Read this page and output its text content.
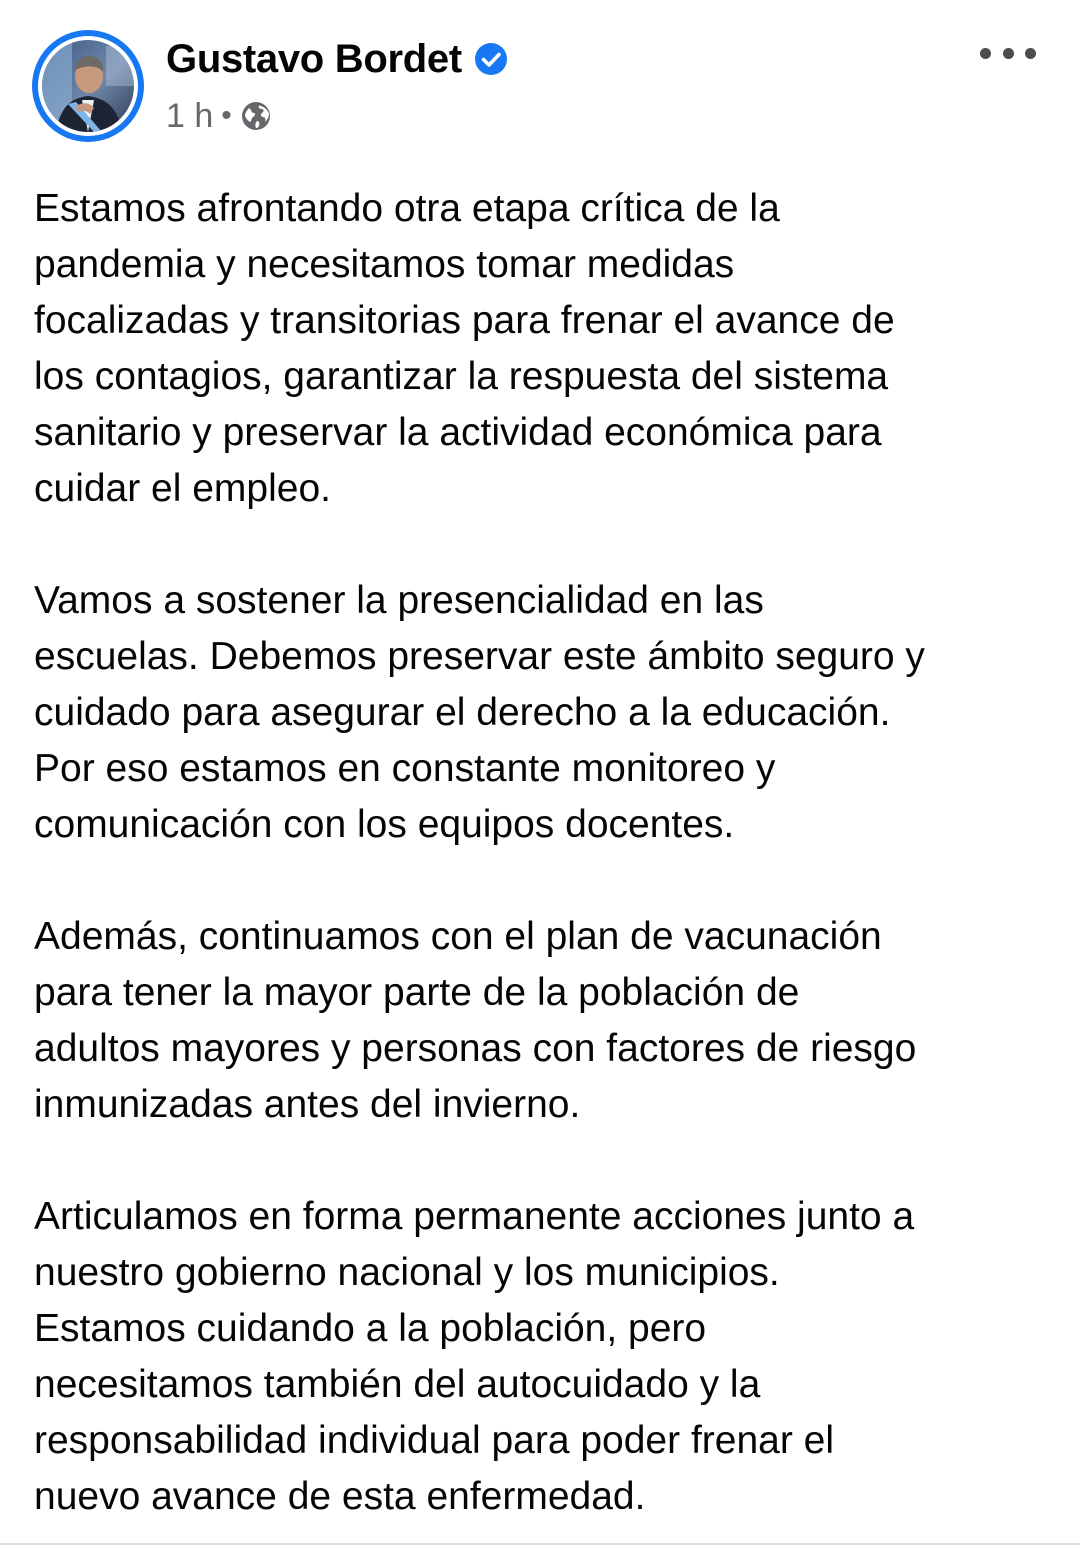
Gustavo Bordet
1 h •
Estamos afrontando otra etapa crítica de la
pandemia y necesitamos tomar medidas
focalizadas y transitorias para frenar el avance de
los contagios, garantizar la respuesta del sistema
sanitario y preservar la actividad económica para
cuidar el empleo.
Vamos a sostener la presencialidad en las
escuelas. Debemos preservar este ámbito seguro y
cuidado para asegurar el derecho a la educación.
Por eso estamos en constante monitoreo y
comunicación con los equipos docentes.
Además, continuamos con el plan de vacunación
para tener la mayor parte de la población de
adultos mayores y personas con factores de riesgo
inmunizadas antes del invierno.
Articulamos en forma permanente acciones junto a
nuestro gobierno nacional y los municipios.
Estamos cuidando a la población, pero
necesitamos también del autocuidado y la
responsabilidad individual para poder frenar el
nuevo avance de esta enfermedad.
